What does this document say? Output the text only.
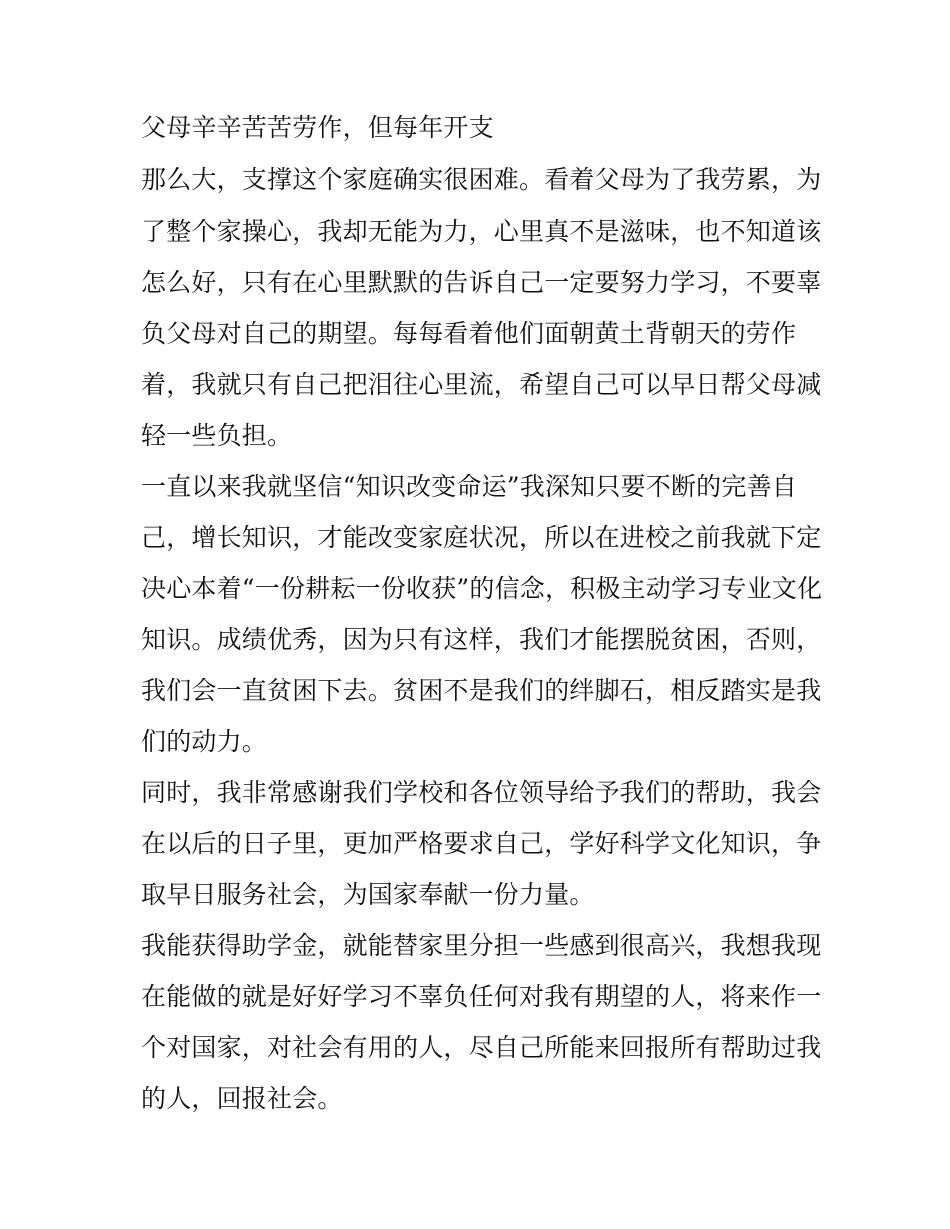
父母辛辛苦苦劳作，但每年开支
那么大，支撑这个家庭确实很困难。看着父母为了我劳累，为
了整个家操心，我却无能为力，心里真不是滋味，也不知道该
怎么好，只有在心里默默的告诉自己一定要努力学习，不要辜
负父母对自己的期望。每每看着他们面朝黄土背朝天的劳作
着，我就只有自己把泪往心里流，希望自己可以早日帮父母减
轻一些负担。
一直以来我就坚信“知识改变命运”我深知只要不断的完善自
己，增长知识，才能改变家庭状况，所以在进校之前我就下定
决心本着“一份耕耘一份收获”的信念，积极主动学习专业文化
知识。成绩优秀，因为只有这样，我们才能摆脱贫困，否则，
我们会一直贫困下去。贫困不是我们的绊脚石，相反踏实是我
们的动力。
同时，我非常感谢我们学校和各位领导给予我们的帮助，我会
在以后的日子里，更加严格要求自己，学好科学文化知识，争
取早日服务社会，为国家奉献一份力量。
我能获得助学金，就能替家里分担一些感到很高兴，我想我现
在能做的就是好好学习不辜负任何对我有期望的人，将来作一
个对国家，对社会有用的人，尽自己所能来回报所有帮助过我
的人，回报社会。
